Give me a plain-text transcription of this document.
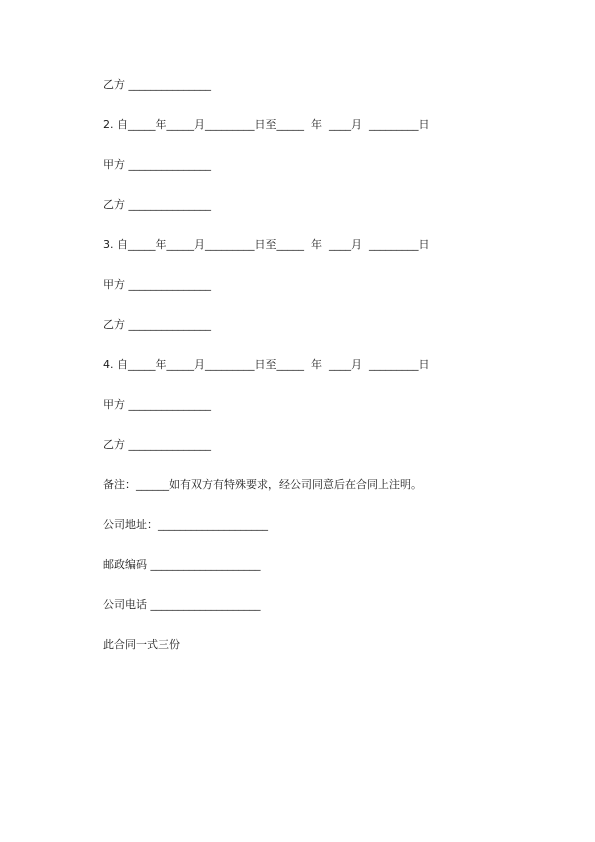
乙方 _______________
2. 自_____年_____月_________日至_____  年  ____月  _________日
甲方 _______________
乙方 _______________
3. 自_____年_____月_________日至_____  年  ____月  _________日
甲方 _______________
乙方 _______________
4. 自_____年_____月_________日至_____  年  ____月  _________日
甲方 _______________
乙方 _______________
备注：______如有双方有特殊要求，经公司同意后在合同上注明。
公司地址：____________________
邮政编码 ____________________
公司电话 ____________________
此合同一式三份
